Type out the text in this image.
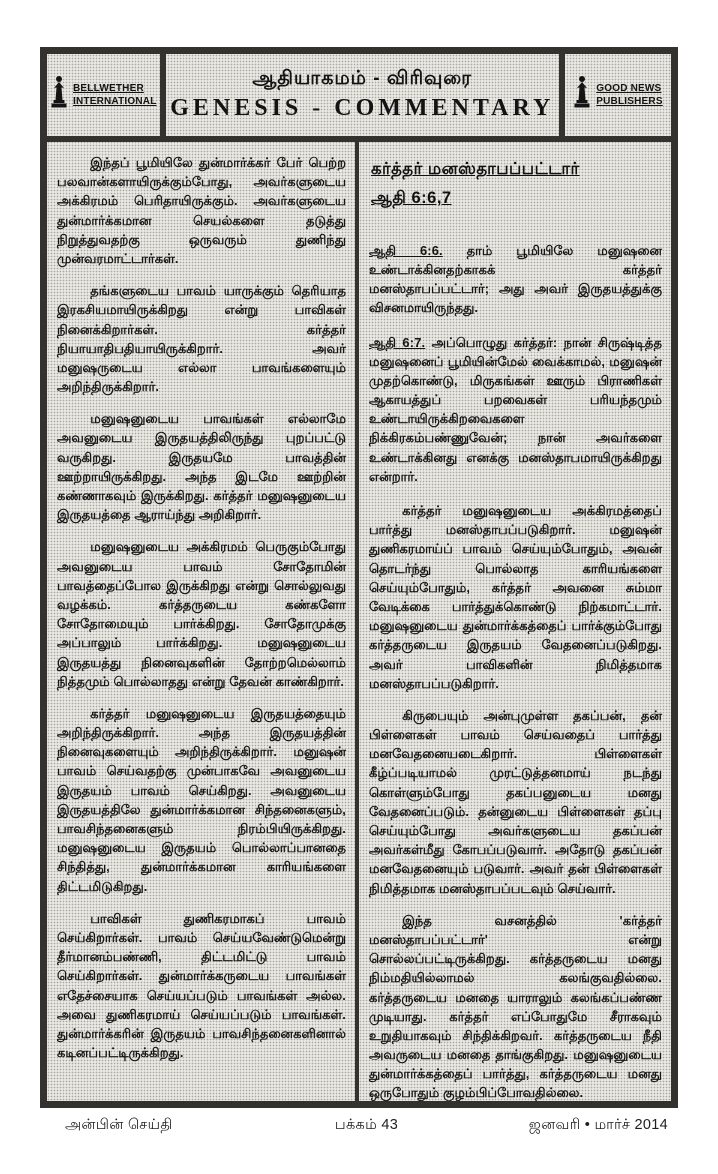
BELLWETHER
INTERNATIONAL
ஆதியாகமம் - விரிவுரை
GENESIS - COMMENTARY
GOOD NEWS
PUBLISHERS

இந்தப் பூமியிலே துன்மார்க்கர் பேர் பெற்ற பலவான்களாயிருக்கும்போது, அவர்களுடைய அக்கிரமம் பெரிதாயிருக்கும். அவர்களுடைய துன்மார்க்கமான செயல்களை தடுத்து நிறுத்துவதற்கு ஒருவரும் துணிந்து முன்வரமாட்டார்கள்.

தங்களுடைய பாவம் யாருக்கும் தெரியாத இரகசியமாயிருக்கிறது என்று பாவிகள் நினைக்கிறார்கள். கர்த்தர் நியாயாதிபதியாயிருக்கிறார். அவர் மனுஷருடைய எல்லா பாவங்களையும் அறிந்திருக்கிறார்.

மனுஷனுடைய பாவங்கள் எல்லாமே அவனுடைய இருதயத்திலிருந்து புறப்பட்டு வருகிறது. இருதயமே பாவத்தின் ஊற்றாயிருக்கிறது. அந்த இடமே ஊற்றின் கண்ணாகவும் இருக்கிறது. கர்த்தர் மனுஷனுடைய இருதயத்தை ஆராய்ந்து அறிகிறார்.

மனுஷனுடைய அக்கிரமம் பெருகும்போது அவனுடைய பாவம் சோதோமின் பாவத்தைப்போல இருக்கிறது என்று சொல்லுவது வழக்கம். கர்த்தருடைய கண்களோ சோதோமையும் பார்க்கிறது. சோதோமுக்கு அப்பாலும் பார்க்கிறது. மனுஷனுடைய இருதயத்து நினைவுகளின் தோற்றமெல்லாம் நித்தமும் பொல்லாதது என்று தேவன் காண்கிறார்.

கர்த்தர் மனுஷனுடைய இருதயத்தையும் அறிந்திருக்கிறார். அந்த இருதயத்தின் நினைவுகளையும் அறிந்திருக்கிறார். மனுஷன் பாவம் செய்வதற்கு முன்பாகவே அவனுடைய இருதயம் பாவம் செய்கிறது. அவனுடைய இருதயத்திலே துன்மார்க்கமான சிந்தனைகளும், பாவசிந்தனைகளும் நிரம்பியிருக்கிறது. மனுஷனுடைய இருதயம் பொல்லாப்பானதை சிந்தித்து, துன்மார்க்கமான காரியங்களை திட்டமிடுகிறது.

பாவிகள் துணிகரமாகப் பாவம் செய்கிறார்கள். பாவம் செய்யவேண்டுமென்று தீர்மானம்பண்ணி, திட்டமிட்டு பாவம் செய்கிறார்கள். துன்மார்க்கருடைய பாவங்கள் எதேச்சையாக செய்யப்படும் பாவங்கள் அல்ல. அவை துணிகரமாய் செய்யப்படும் பாவங்கள். துன்மார்க்கரின் இருதயம் பாவசிந்தனைகளினால் கடினப்பட்டிருக்கிறது.

கர்த்தர் மனஸ்தாபப்பட்டார்
ஆதி 6:6,7

ஆதி 6:6. தாம் பூமியிலே மனுஷனை உண்டாக்கினதற்காகக் கர்த்தர் மனஸ்தாபப்பட்டார்; அது அவர் இருதயத்துக்கு விசனமாயிருந்தது.

ஆதி 6:7. அப்பொழுது கர்த்தர்: நான் சிருஷ்டித்த மனுஷனைப் பூமியின்மேல் வைக்காமல், மனுஷன் முதற்கொண்டு, மிருகங்கள் ஊரும் பிராணிகள் ஆகாயத்துப் பறவைகள் பரியந்தமும் உண்டாயிருக்கிறவைகளை நிக்கிரகம்பண்ணுவேன்; நான் அவர்களை உண்டாக்கினது எனக்கு மனஸ்தாபமாயிருக்கிறது என்றார்.

கர்த்தர் மனுஷனுடைய அக்கிரமத்தைப் பார்த்து மனஸ்தாபப்படுகிறார். மனுஷன் துணிகரமாய்ப் பாவம் செய்யும்போதும், அவன் தொடர்ந்து பொல்லாத காரியங்களை செய்யும்போதும், கர்த்தர் அவனை சும்மா வேடிக்கை பார்த்துக்கொண்டு நிற்கமாட்டார். மனுஷனுடைய துன்மார்க்கத்தைப் பார்க்கும்போது கர்த்தருடைய இருதயம் வேதனைப்படுகிறது. அவர் பாவிகளின் நிமித்தமாக மனஸ்தாபப்படுகிறார்.

கிருபையும் அன்புமுள்ள தகப்பன், தன் பிள்ளைகள் பாவம் செய்வதைப் பார்த்து மனவேதனையடைகிறார். பிள்ளைகள் கீழ்ப்படியாமல் முரட்டுத்தனமாய் நடந்து கொள்ளும்போது தகப்பனுடைய மனது வேதனைப்படும். தன்னுடைய பிள்ளைகள் தப்பு செய்யும்போது அவர்களுடைய தகப்பன் அவர்கள்மீது கோபப்படுவார். அதோடு தகப்பன் மனவேதனையும் படுவார். அவர் தன் பிள்ளைகள் நிமித்தமாக மனஸ்தாபப்படவும் செய்வார்.

இந்த வசனத்தில் 'கர்த்தர் மனஸ்தாபப்பட்டார்' என்று சொல்லப்பட்டிருக்கிறது. கர்த்தருடைய மனது நிம்மதியில்லாமல் கலங்குவதில்லை. கர்த்தருடைய மனதை யாராலும் கலங்கப்பண்ண முடியாது. கர்த்தர் எப்போதுமே சீராகவும் உறுதியாகவும் சிந்திக்கிறவர். கர்த்தருடைய நீதி அவருடைய மனதை தாங்குகிறது. மனுஷனுடைய துன்மார்க்கத்தைப் பார்த்து, கர்த்தருடைய மனது ஒருபோதும் குழம்பிப்போவதில்லை.

அன்பின் செய்தி	பக்கம் 43	ஜனவரி • மார்ச் 2014
